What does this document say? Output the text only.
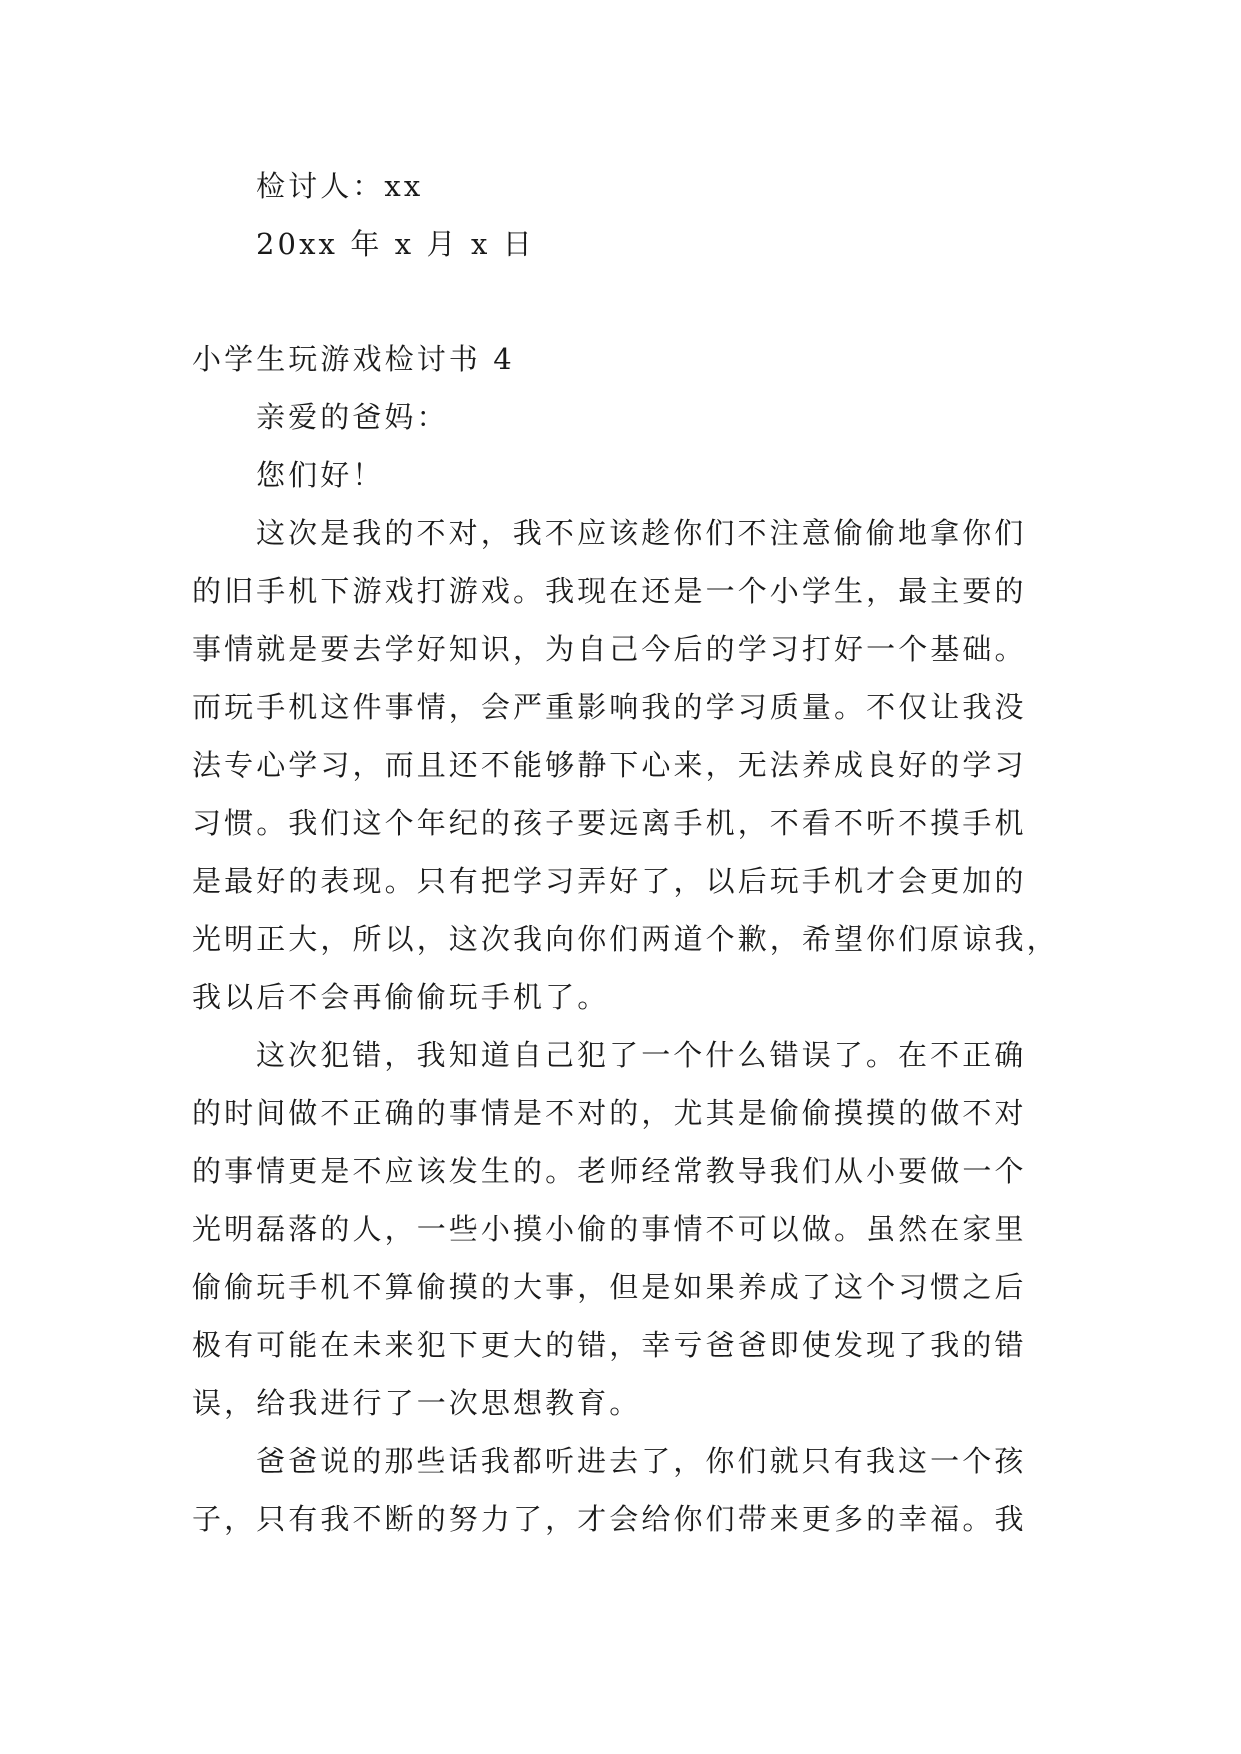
检讨人：xx
20xx 年 x 月 x 日
小学生玩游戏检讨书 4
亲爱的爸妈：
您们好！
这次是我的不对，我不应该趁你们不注意偷偷地拿你们
的旧手机下游戏打游戏。我现在还是一个小学生，最主要的
事情就是要去学好知识，为自己今后的学习打好一个基础。
而玩手机这件事情，会严重影响我的学习质量。不仅让我没
法专心学习，而且还不能够静下心来，无法养成良好的学习
习惯。我们这个年纪的孩子要远离手机，不看不听不摸手机
是最好的表现。只有把学习弄好了，以后玩手机才会更加的
光明正大，所以，这次我向你们两道个歉，希望你们原谅我，
我以后不会再偷偷玩手机了。
这次犯错，我知道自己犯了一个什么错误了。在不正确
的时间做不正确的事情是不对的，尤其是偷偷摸摸的做不对
的事情更是不应该发生的。老师经常教导我们从小要做一个
光明磊落的人，一些小摸小偷的事情不可以做。虽然在家里
偷偷玩手机不算偷摸的大事，但是如果养成了这个习惯之后
极有可能在未来犯下更大的错，幸亏爸爸即使发现了我的错
误，给我进行了一次思想教育。
爸爸说的那些话我都听进去了，你们就只有我这一个孩
子，只有我不断的努力了，才会给你们带来更多的幸福。我
